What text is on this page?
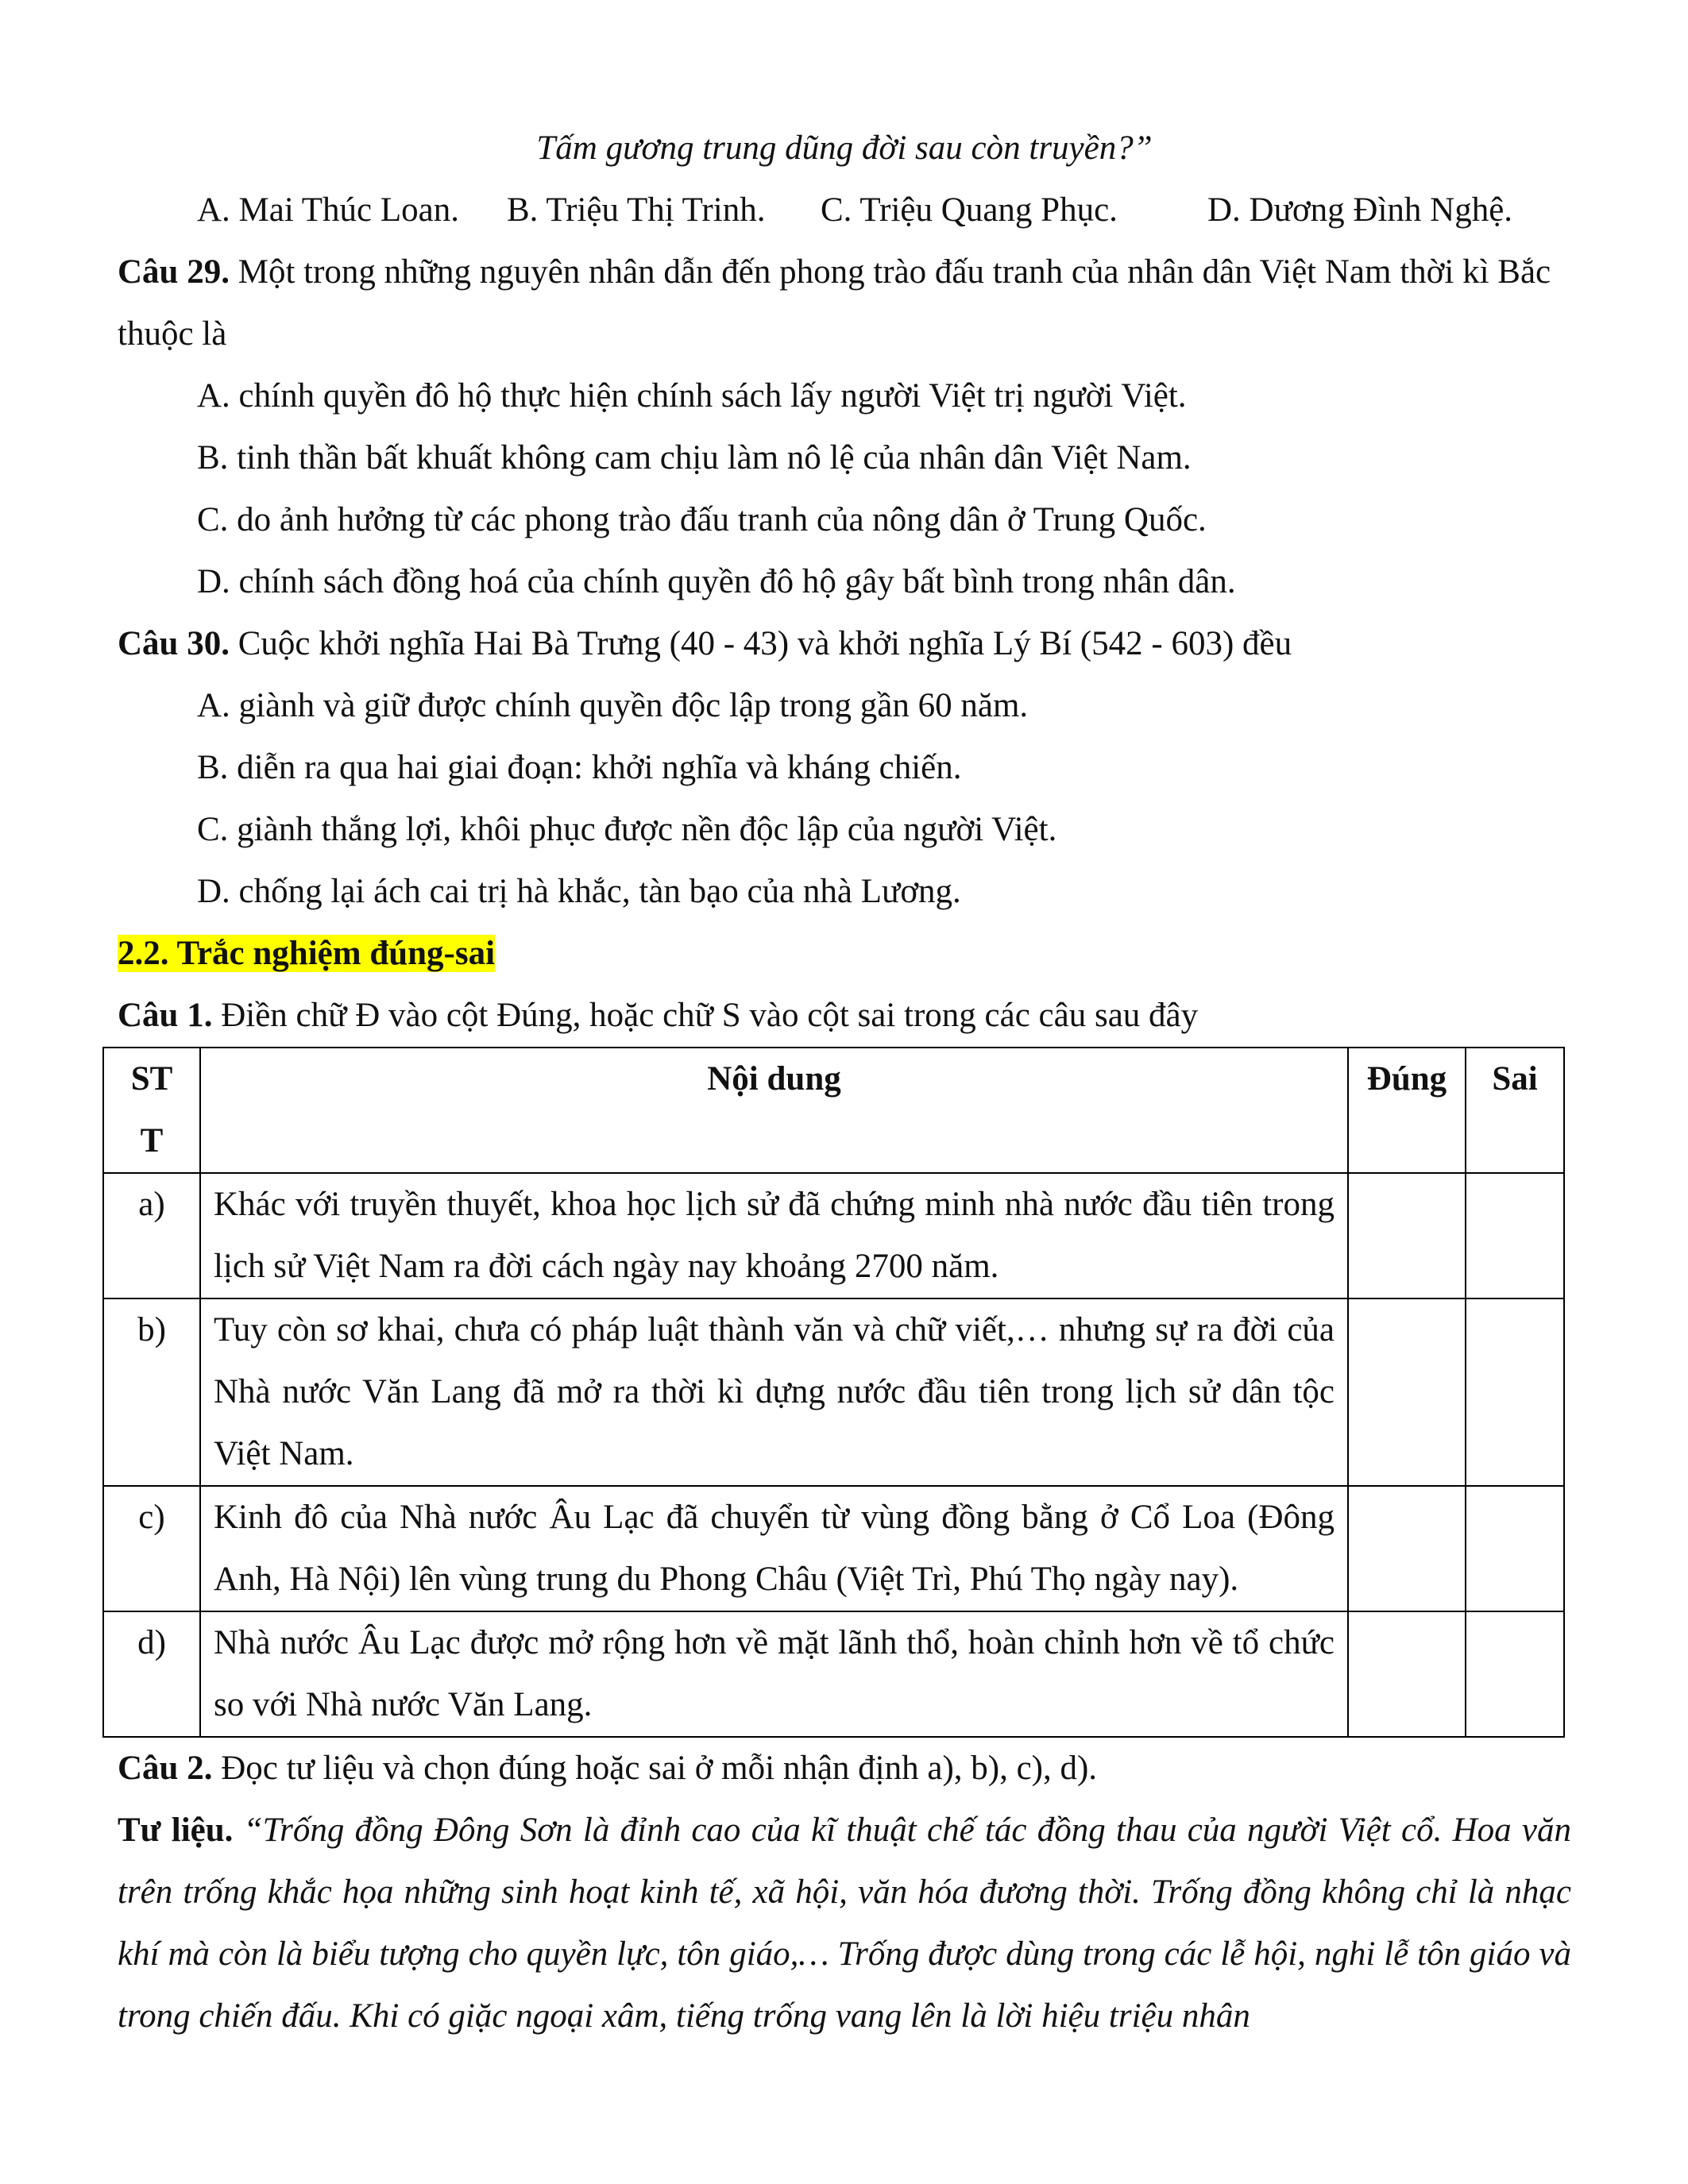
Tấm gương trung dũng đời sau còn truyền?”

A. Mai Thúc Loan. B. Triệu Thị Trinh. C. Triệu Quang Phục.	D. Dương Đình Nghệ.

Câu 29. Một trong những nguyên nhân dẫn đến phong trào đấu tranh của nhân dân Việt Nam thời kì Bắc thuộc là

A. chính quyền đô hộ thực hiện chính sách lấy người Việt trị người Việt.

B. tinh thần bất khuất không cam chịu làm nô lệ của nhân dân Việt Nam.

C. do ảnh hưởng từ các phong trào đấu tranh của nông dân ở Trung Quốc.

D. chính sách đồng hoá của chính quyền đô hộ gây bất bình trong nhân dân.

Câu 30. Cuộc khởi nghĩa Hai Bà Trưng (40 - 43) và khởi nghĩa Lý Bí (542 - 603) đều

A. giành và giữ được chính quyền độc lập trong gần 60 năm.

B. diễn ra qua hai giai đoạn: khởi nghĩa và kháng chiến.

C. giành thắng lợi, khôi phục được nền độc lập của người Việt.

D. chống lại ách cai trị hà khắc, tàn bạo của nhà Lương.

2.2. Trắc nghiệm đúng-sai

Câu 1. Điền chữ Đ vào cột Đúng, hoặc chữ S vào cột sai trong các câu sau đây

STT	Nội dung	Đúng	Sai
a)	Khác với truyền thuyết, khoa học lịch sử đã chứng minh nhà nước đầu tiên trong lịch sử Việt Nam ra đời cách ngày nay khoảng 2700 năm.		
b)	Tuy còn sơ khai, chưa có pháp luật thành văn và chữ viết,… nhưng sự ra đời của Nhà nước Văn Lang đã mở ra thời kì dựng nước đầu tiên trong lịch sử dân tộc Việt Nam.		
c)	Kinh đô của Nhà nước Âu Lạc đã chuyển từ vùng đồng bằng ở Cổ Loa (Đông Anh, Hà Nội) lên vùng trung du Phong Châu (Việt Trì, Phú Thọ ngày nay).		
d)	Nhà nước Âu Lạc được mở rộng hơn về mặt lãnh thổ, hoàn chỉnh hơn về tổ chức so với Nhà nước Văn Lang.		

Câu 2. Đọc tư liệu và chọn đúng hoặc sai ở mỗi nhận định a), b), c), d).

Tư liệu. “Trống đồng Đông Sơn là đỉnh cao của kĩ thuật chế tác đồng thau của người Việt cổ. Hoa văn trên trống khắc họa những sinh hoạt kinh tế, xã hội, văn hóa đương thời. Trống đồng không chỉ là nhạc khí mà còn là biểu tượng cho quyền lực, tôn giáo,… Trống được dùng trong các lễ hội, nghi lễ tôn giáo và trong chiến đấu. Khi có giặc ngoại xâm, tiếng trống vang lên là lời hiệu triệu nhân
